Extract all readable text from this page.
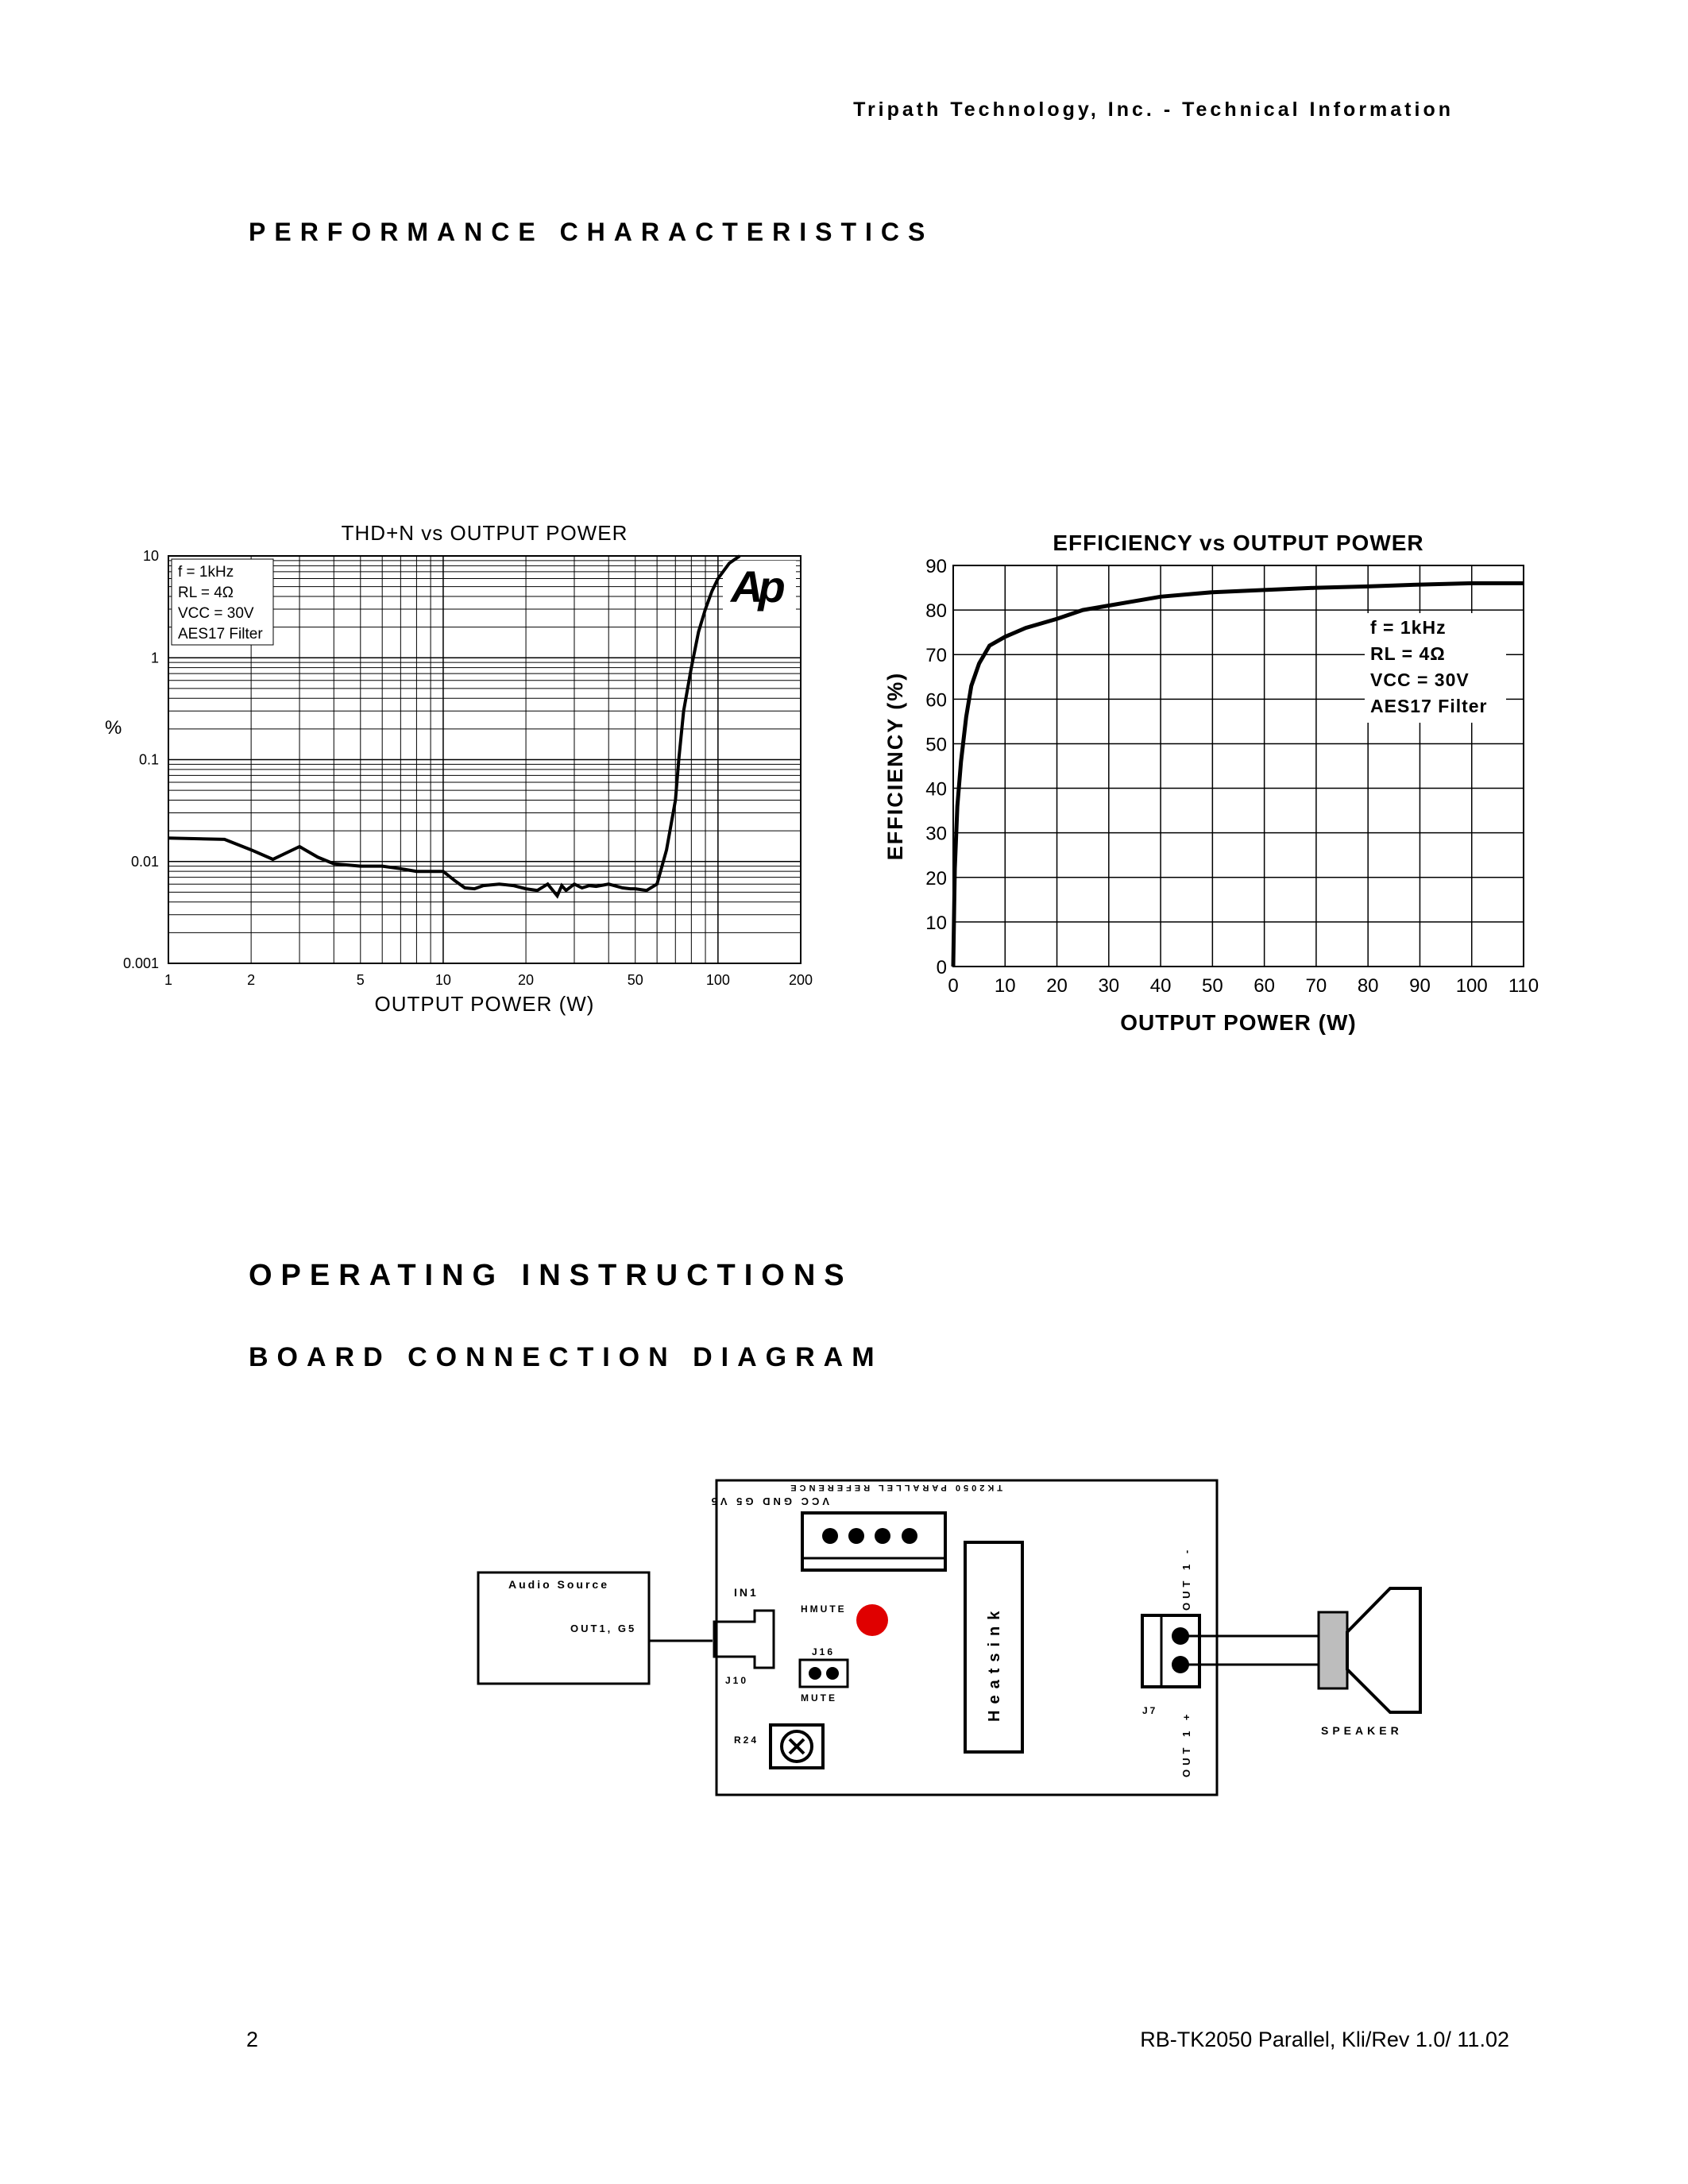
Tripath Technology, Inc. - Technical Information
PERFORMANCE CHARACTERISTICS
f = 1kHz
RL = 4Ω
VCC = 30V
AES17 Filter
Ap
1	2	5	10	20	50	100	200
10
1
0.1
0.01
0.001
THD+N vs OUTPUT POWER
OUTPUT POWER (W)
%
f = 1kHz
RL = 4Ω
VCC = 30V
AES17 Filter
0 10 20 30 40 50 60 70 80 90 100 110
90
80
70
60
50
40
30
20
10
0
EFFICIENCY vs OUTPUT POWER
OUTPUT POWER (W)
EFFICIENCY (%)
OPERATING INSTRUCTIONS
BOARD CONNECTION DIAGRAM
Audio Source
OUT1, G5
TK2050 PARALLEL REFERENCE
VCC GND G5 V5
IN1
J10
HMUTE
J16
MUTE
R24
Heatsink
OUT 1 -
OUT 1 +
J7
SPEAKER
2	RB-TK2050 Parallel, Kli/Rev 1.0/ 11.02
